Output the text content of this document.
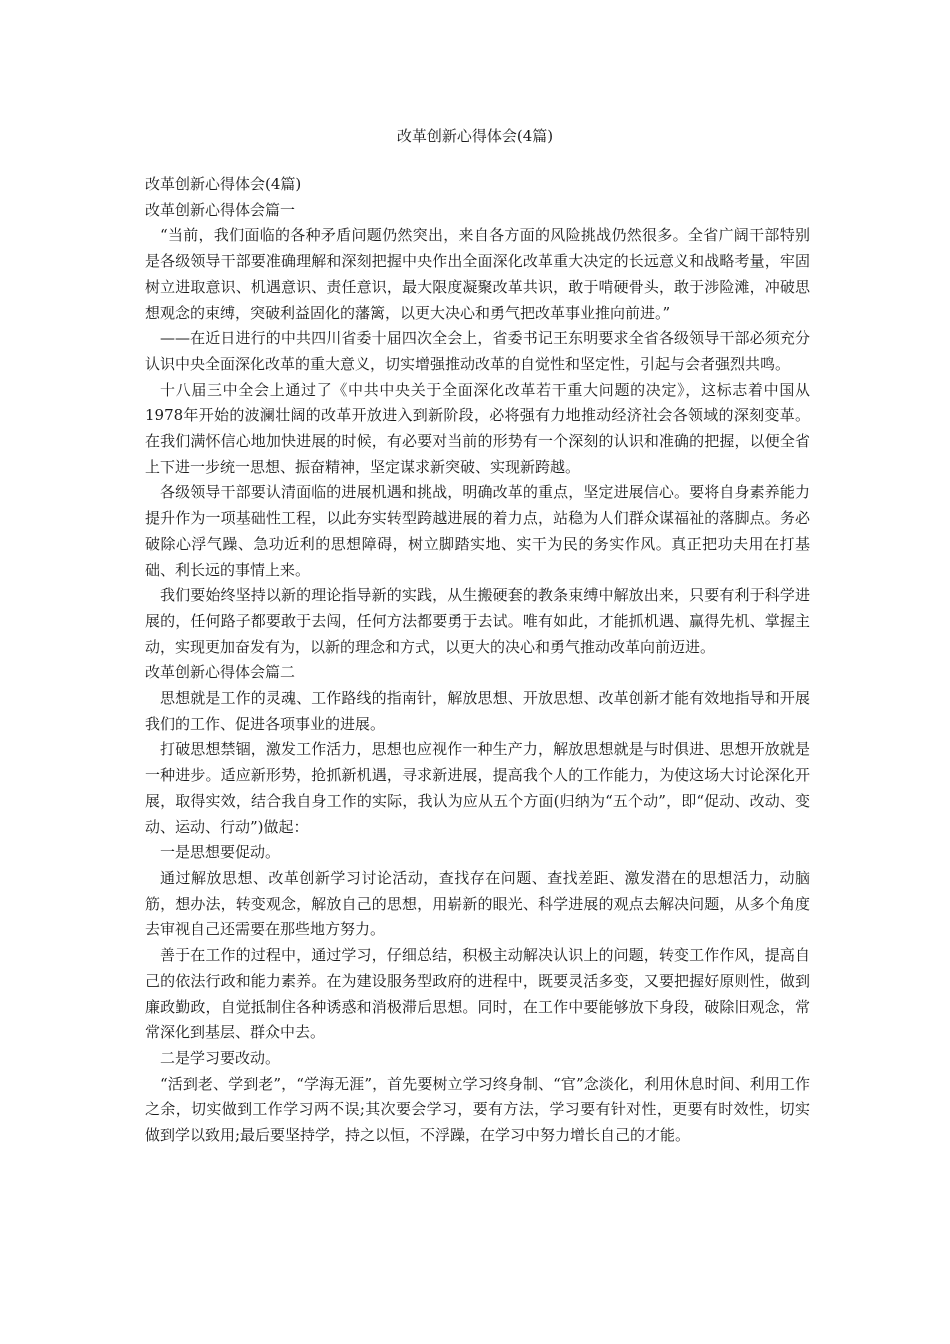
改革创新心得体会(4篇)

改革创新心得体会(4篇)

改革创新心得体会篇一

“当前，我们面临的各种矛盾问题仍然突出，来自各方面的风险挑战仍然很多。全省广阔干部特别是各级领导干部要准确理解和深刻把握中央作出全面深化改革重大决定的长远意义和战略考量，牢固树立进取意识、机遇意识、责任意识，最大限度凝聚改革共识，敢于啃硬骨头，敢于涉险滩，冲破思想观念的束缚，突破利益固化的藩篱，以更大决心和勇气把改革事业推向前进。”

——在近日进行的中共四川省委十届四次全会上，省委书记王东明要求全省各级领导干部必须充分认识中央全面深化改革的重大意义，切实增强推动改革的自觉性和坚定性，引起与会者强烈共鸣。

十八届三中全会上通过了《中共中央关于全面深化改革若干重大问题的决定》，这标志着中国从1978年开始的波澜壮阔的改革开放进入到新阶段，必将强有力地推动经济社会各领域的深刻变革。在我们满怀信心地加快进展的时候，有必要对当前的形势有一个深刻的认识和准确的把握，以便全省上下进一步统一思想、振奋精神，坚定谋求新突破、实现新跨越。

各级领导干部要认清面临的进展机遇和挑战，明确改革的重点，坚定进展信心。要将自身素养能力提升作为一项基础性工程，以此夯实转型跨越进展的着力点，站稳为人们群众谋福祉的落脚点。务必破除心浮气躁、急功近利的思想障碍，树立脚踏实地、实干为民的务实作风。真正把功夫用在打基础、利长远的事情上来。

我们要始终坚持以新的理论指导新的实践，从生搬硬套的教条束缚中解放出来，只要有利于科学进展的，任何路子都要敢于去闯，任何方法都要勇于去试。唯有如此，才能抓机遇、赢得先机、掌握主动，实现更加奋发有为，以新的理念和方式，以更大的决心和勇气推动改革向前迈进。

改革创新心得体会篇二

思想就是工作的灵魂、工作路线的指南针，解放思想、开放思想、改革创新才能有效地指导和开展我们的工作、促进各项事业的进展。

打破思想禁锢，激发工作活力，思想也应视作一种生产力，解放思想就是与时俱进、思想开放就是一种进步。适应新形势，抢抓新机遇，寻求新进展，提高我个人的工作能力，为使这场大讨论深化开展，取得实效，结合我自身工作的实际，我认为应从五个方面(归纳为“五个动”，即“促动、改动、变动、运动、行动”)做起：

一是思想要促动。

通过解放思想、改革创新学习讨论活动，查找存在问题、查找差距、激发潜在的思想活力，动脑筋，想办法，转变观念，解放自己的思想，用崭新的眼光、科学进展的观点去解决问题，从多个角度去审视自己还需要在那些地方努力。

善于在工作的过程中，通过学习，仔细总结，积极主动解决认识上的问题，转变工作作风，提高自己的依法行政和能力素养。在为建设服务型政府的进程中，既要灵活多变，又要把握好原则性，做到廉政勤政，自觉抵制住各种诱惑和消极滞后思想。同时，在工作中要能够放下身段，破除旧观念，常常深化到基层、群众中去。

二是学习要改动。

“活到老、学到老”，“学海无涯”，首先要树立学习终身制、“官”念淡化，利用休息时间、利用工作之余，切实做到工作学习两不误;其次要会学习，要有方法，学习要有针对性，更要有时效性，切实做到学以致用;最后要坚持学，持之以恒，不浮躁，在学习中努力增长自己的才能。
